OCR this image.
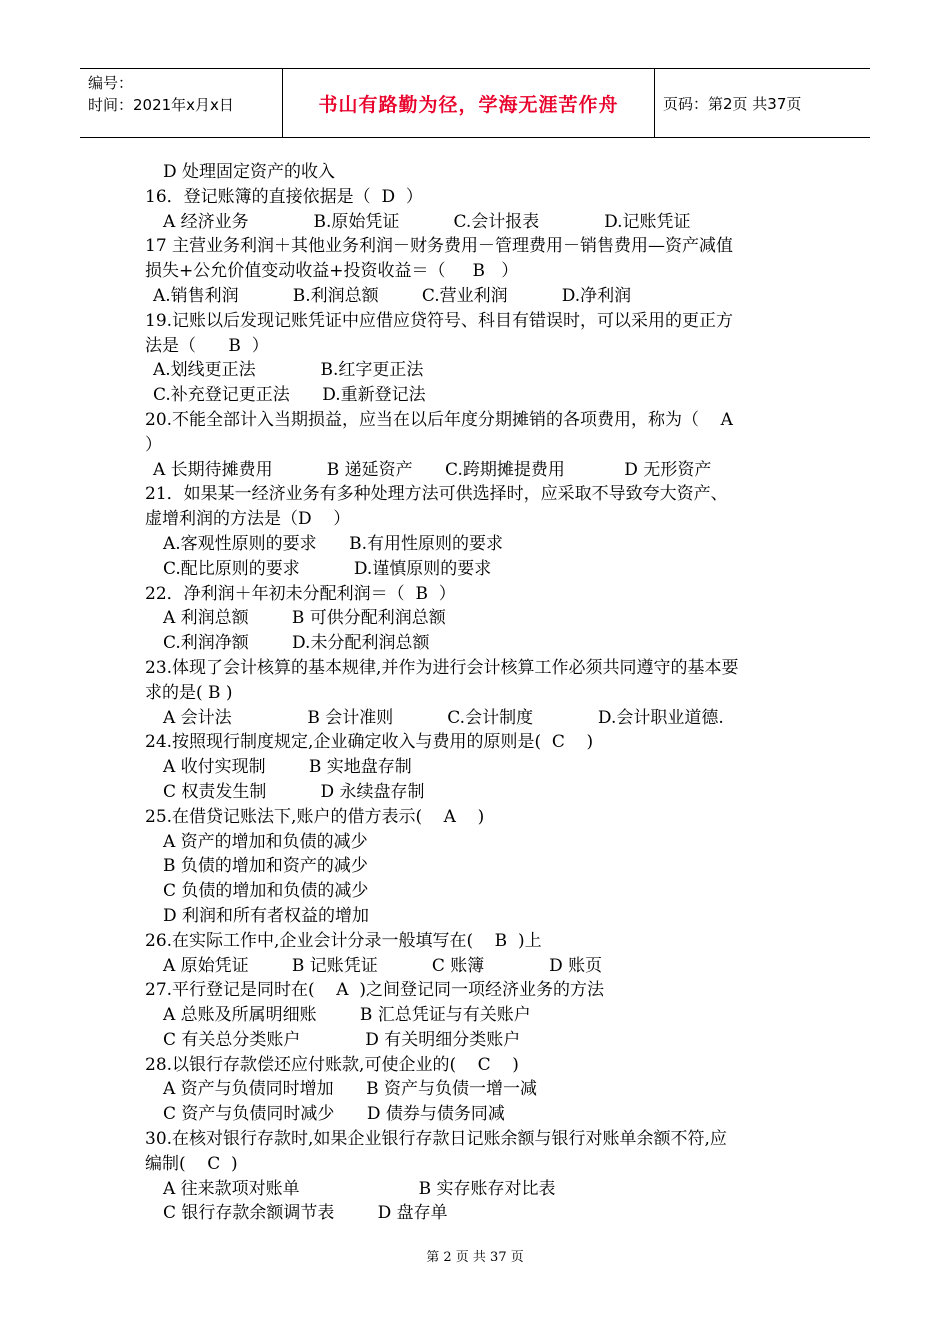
编号：
时间：2021年x月x日	书山有路勤为径，学海无涯苦作舟	页码：第2页 共37页
D 处理固定资产的收入
16．登记账簿的直接依据是（  D  ）
A 经济业务            B.原始凭证          C.会计报表            D.记账凭证
17 主营业务利润＋其他业务利润－财务费用－管理费用－销售费用—资产减值
损失+公允价值变动收益+投资收益＝（     B   ）
A.销售利润          B.利润总额        C.营业利润          D.净利润
19.记账以后发现记账凭证中应借应贷符号、科目有错误时，可以采用的更正方
法是（      B  ）
A.划线更正法            B.红字更正法
C.补充登记更正法      D.重新登记法
20.不能全部计入当期损益，应当在以后年度分期摊销的各项费用，称为（    A
）
A 长期待摊费用          B 递延资产      C.跨期摊提费用           D 无形资产
21．如果某一经济业务有多种处理方法可供选择时，应采取不导致夸大资产、
虚增利润的方法是（D    ）
A.客观性原则的要求      B.有用性原则的要求
C.配比原则的要求          D.谨慎原则的要求
22．净利润＋年初未分配利润＝（  B  ）
A 利润总额        B 可供分配利润总额
C.利润净额        D.未分配利润总额
23.体现了会计核算的基本规律,并作为进行会计核算工作必须共同遵守的基本要
求的是( B )
A 会计法              B 会计准则          C.会计制度            D.会计职业道德.
24.按照现行制度规定,企业确定收入与费用的原则是(  C    )
A 收付实现制        B 实地盘存制
C 权责发生制          D 永续盘存制
25.在借贷记账法下,账户的借方表示(    A    )
A 资产的增加和负债的减少
B 负债的增加和资产的减少
C 负债的增加和负债的减少
D 利润和所有者权益的增加
26.在实际工作中,企业会计分录一般填写在(    B  )上
A 原始凭证        B 记账凭证          C 账簿            D 账页
27.平行登记是同时在(    A  )之间登记同一项经济业务的方法
A 总账及所属明细账        B 汇总凭证与有关账户
C 有关总分类账户            D 有关明细分类账户
28.以银行存款偿还应付账款,可使企业的(    C    )
A 资产与负债同时增加      B 资产与负债一增一减
C 资产与负债同时减少      D 债券与债务同减
30.在核对银行存款时,如果企业银行存款日记账余额与银行对账单余额不符,应
编制(    C  )
A 往来款项对账单                      B 实存账存对比表
C 银行存款余额调节表        D 盘存单
第 2 页 共 37 页
